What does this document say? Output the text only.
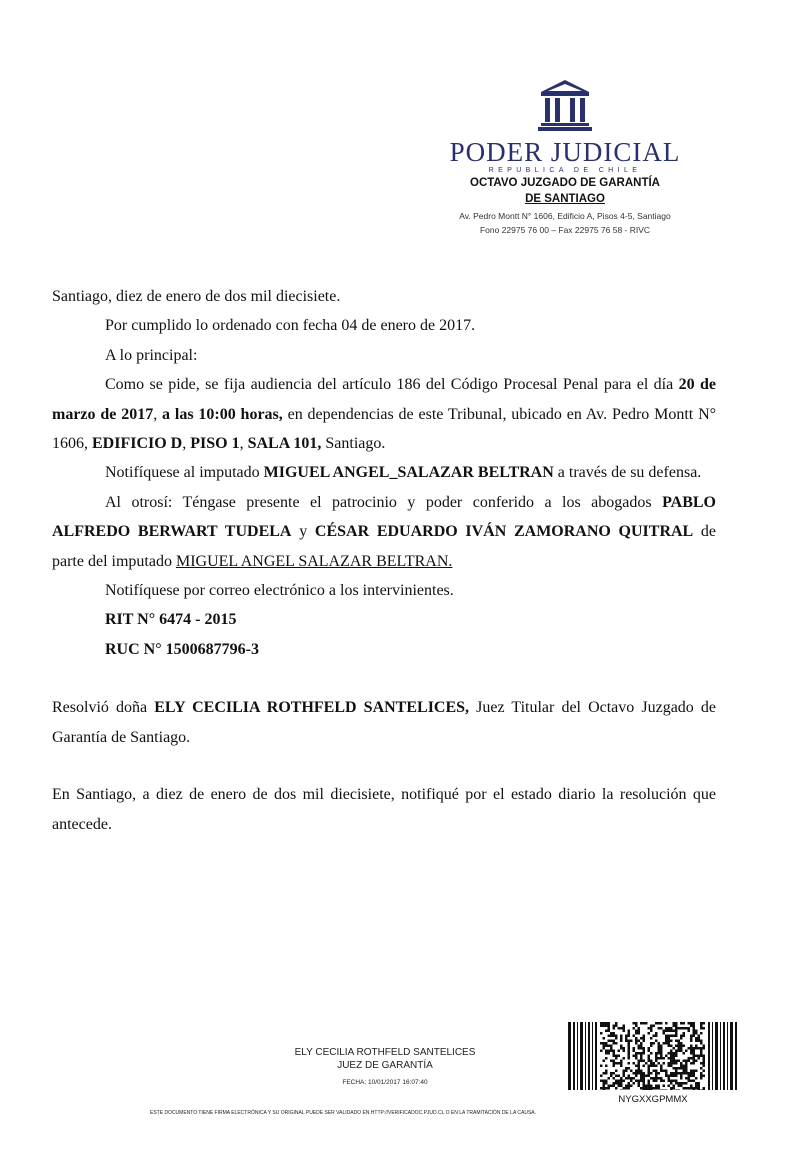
PODER JUDICIAL
REPUBLICA DE CHILE
OCTAVO JUZGADO DE GARANTÍA
DE SANTIAGO
Av. Pedro Montt N° 1606, Edificio A, Pisos 4-5, Santiago
Fono 22975 76 00 – Fax 22975 76 58 - RIVC

Santiago, diez de enero de dos mil diecisiete.

Por cumplido lo ordenado con fecha 04 de enero de 2017.

A lo principal:

Como se pide, se fija audiencia del artículo 186 del Código Procesal Penal para el día 20 de marzo de 2017, a las 10:00 horas, en dependencias de este Tribunal, ubicado en Av. Pedro Montt N° 1606, EDIFICIO D, PISO 1, SALA 101, Santiago.

Notifíquese al imputado MIGUEL ANGEL_SALAZAR BELTRAN a través de su defensa.

Al otrosí: Téngase presente el patrocinio y poder conferido a los abogados PABLO ALFREDO BERWART TUDELA y CÉSAR EDUARDO IVÁN ZAMORANO QUITRAL de parte del imputado MIGUEL ANGEL SALAZAR BELTRAN.

Notifíquese por correo electrónico a los intervinientes.

RIT N° 6474 - 2015

RUC N° 1500687796-3

Resolvió doña ELY CECILIA ROTHFELD SANTELICES, Juez Titular del Octavo Juzgado de Garantía de Santiago.

En Santiago, a diez de enero de dos mil diecisiete, notifiqué por el estado diario la resolución que antecede.

ELY CECILIA ROTHFELD SANTELICES
JUEZ DE GARANTÍA
FECHA: 10/01/2017 16:07:40
NYGXXGPMMX
ESTE DOCUMENTO TIENE FIRMA ELECTRÓNICA Y SU ORIGINAL PUEDE SER VALIDADO EN HTTP://VERIFICADOC.PJUD.CL O EN LA TRAMITACIÓN DE LA CAUSA.
